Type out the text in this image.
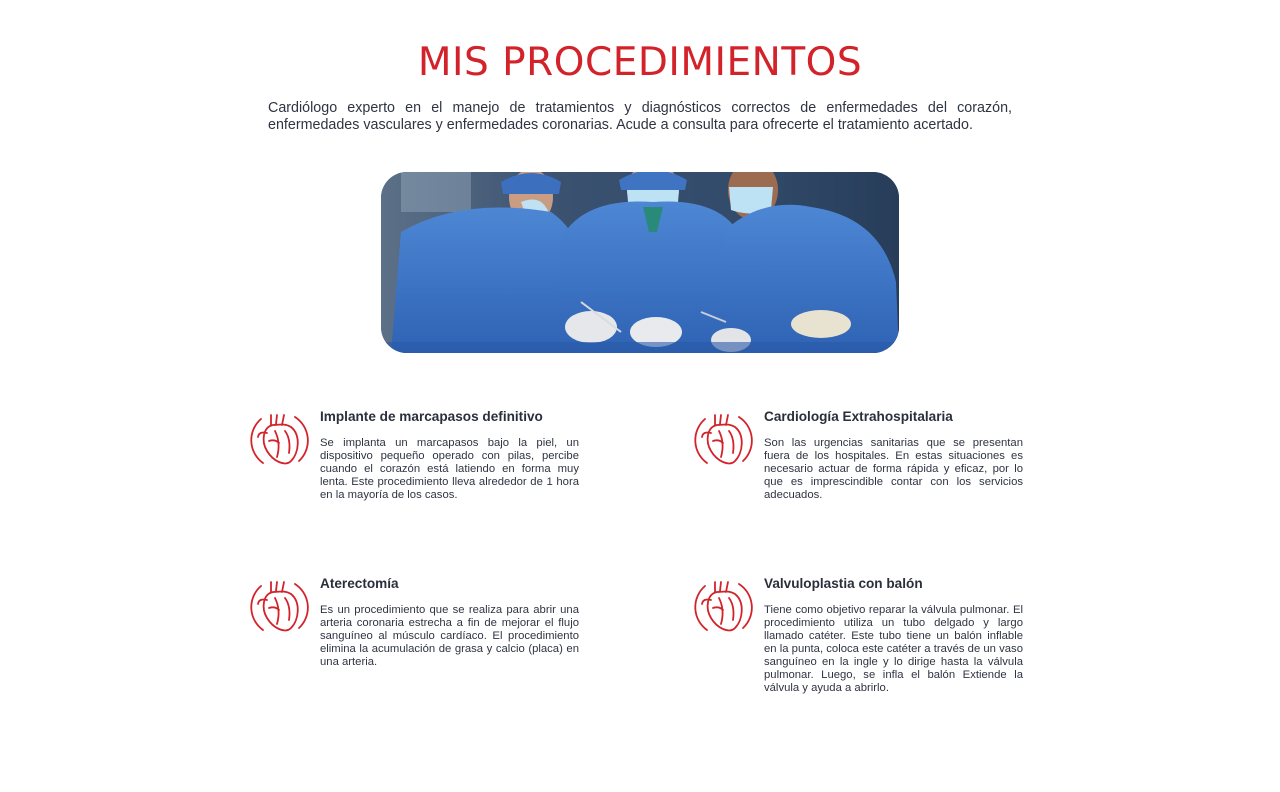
MIS PROCEDIMIENTOS

Cardiólogo experto en el manejo de tratamientos y diagnósticos correctos de enfermedades del corazón, enfermedades vasculares y enfermedades coronarias. Acude a consulta para ofrecerte el tratamiento acertado.

Implante de marcapasos definitivo

Se implanta un marcapasos bajo la piel, un dispositivo pequeño operado con pilas, percibe cuando el corazón está latiendo en forma muy lenta. Este procedimiento lleva alrededor de 1 hora en la mayoría de los casos.

Cardiología Extrahospitalaria

Son las urgencias sanitarias que se presentan fuera de los hospitales. En estas situaciones es necesario actuar de forma rápida y eficaz, por lo que es imprescindible contar con los servicios adecuados.

Aterectomía

Es un procedimiento que se realiza para abrir una arteria coronaria estrecha a fin de mejorar el flujo sanguíneo al músculo cardíaco. El procedimiento elimina la acumulación de grasa y calcio (placa) en una arteria.

Valvuloplastia con balón

Tiene como objetivo reparar la válvula pulmonar. El procedimiento utiliza un tubo delgado y largo llamado catéter. Este tubo tiene un balón inflable en la punta, coloca este catéter a través de un vaso sanguíneo en la ingle y lo dirige hasta la válvula pulmonar. Luego, se infla el balón Extiende la válvula y ayuda a abrirlo.
